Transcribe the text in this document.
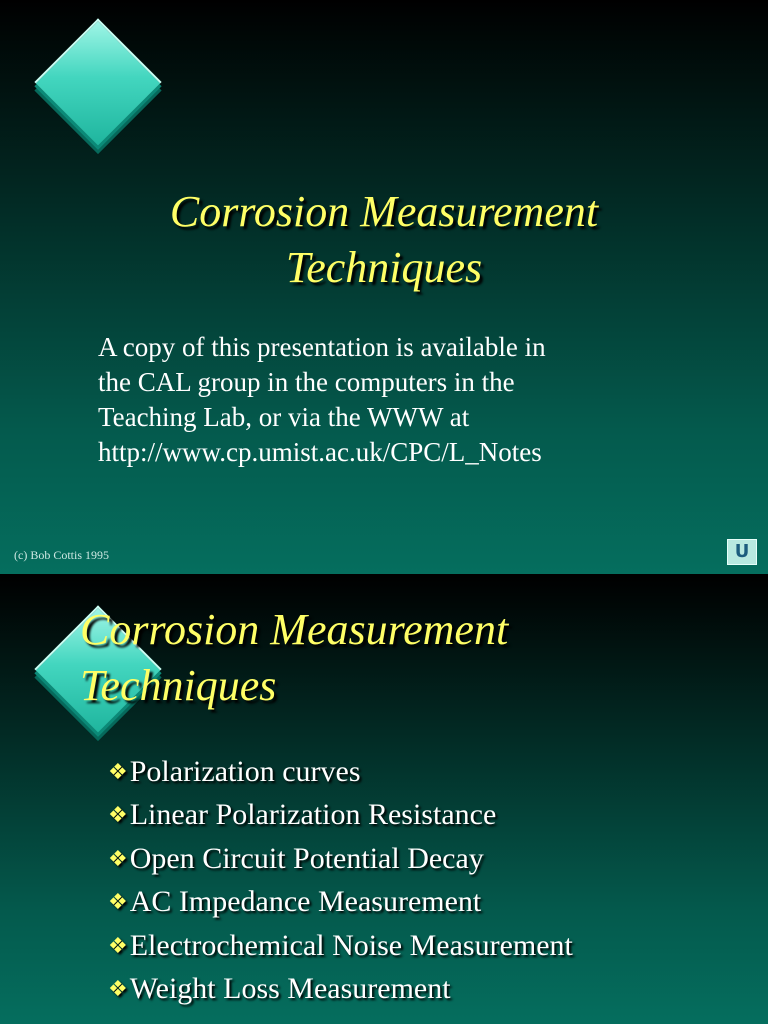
Corrosion Measurement
Techniques

A copy of this presentation is available in
the CAL group in the computers in the
Teaching Lab, or via the WWW at
http://www.cp.umist.ac.uk/CPC/L_Notes

(c) Bob Cottis 1995	U
Corrosion Measurement
Techniques
❖Polarization curves
❖Linear Polarization Resistance
❖Open Circuit Potential Decay
❖AC Impedance Measurement
❖Electrochemical Noise Measurement
❖Weight Loss Measurement
